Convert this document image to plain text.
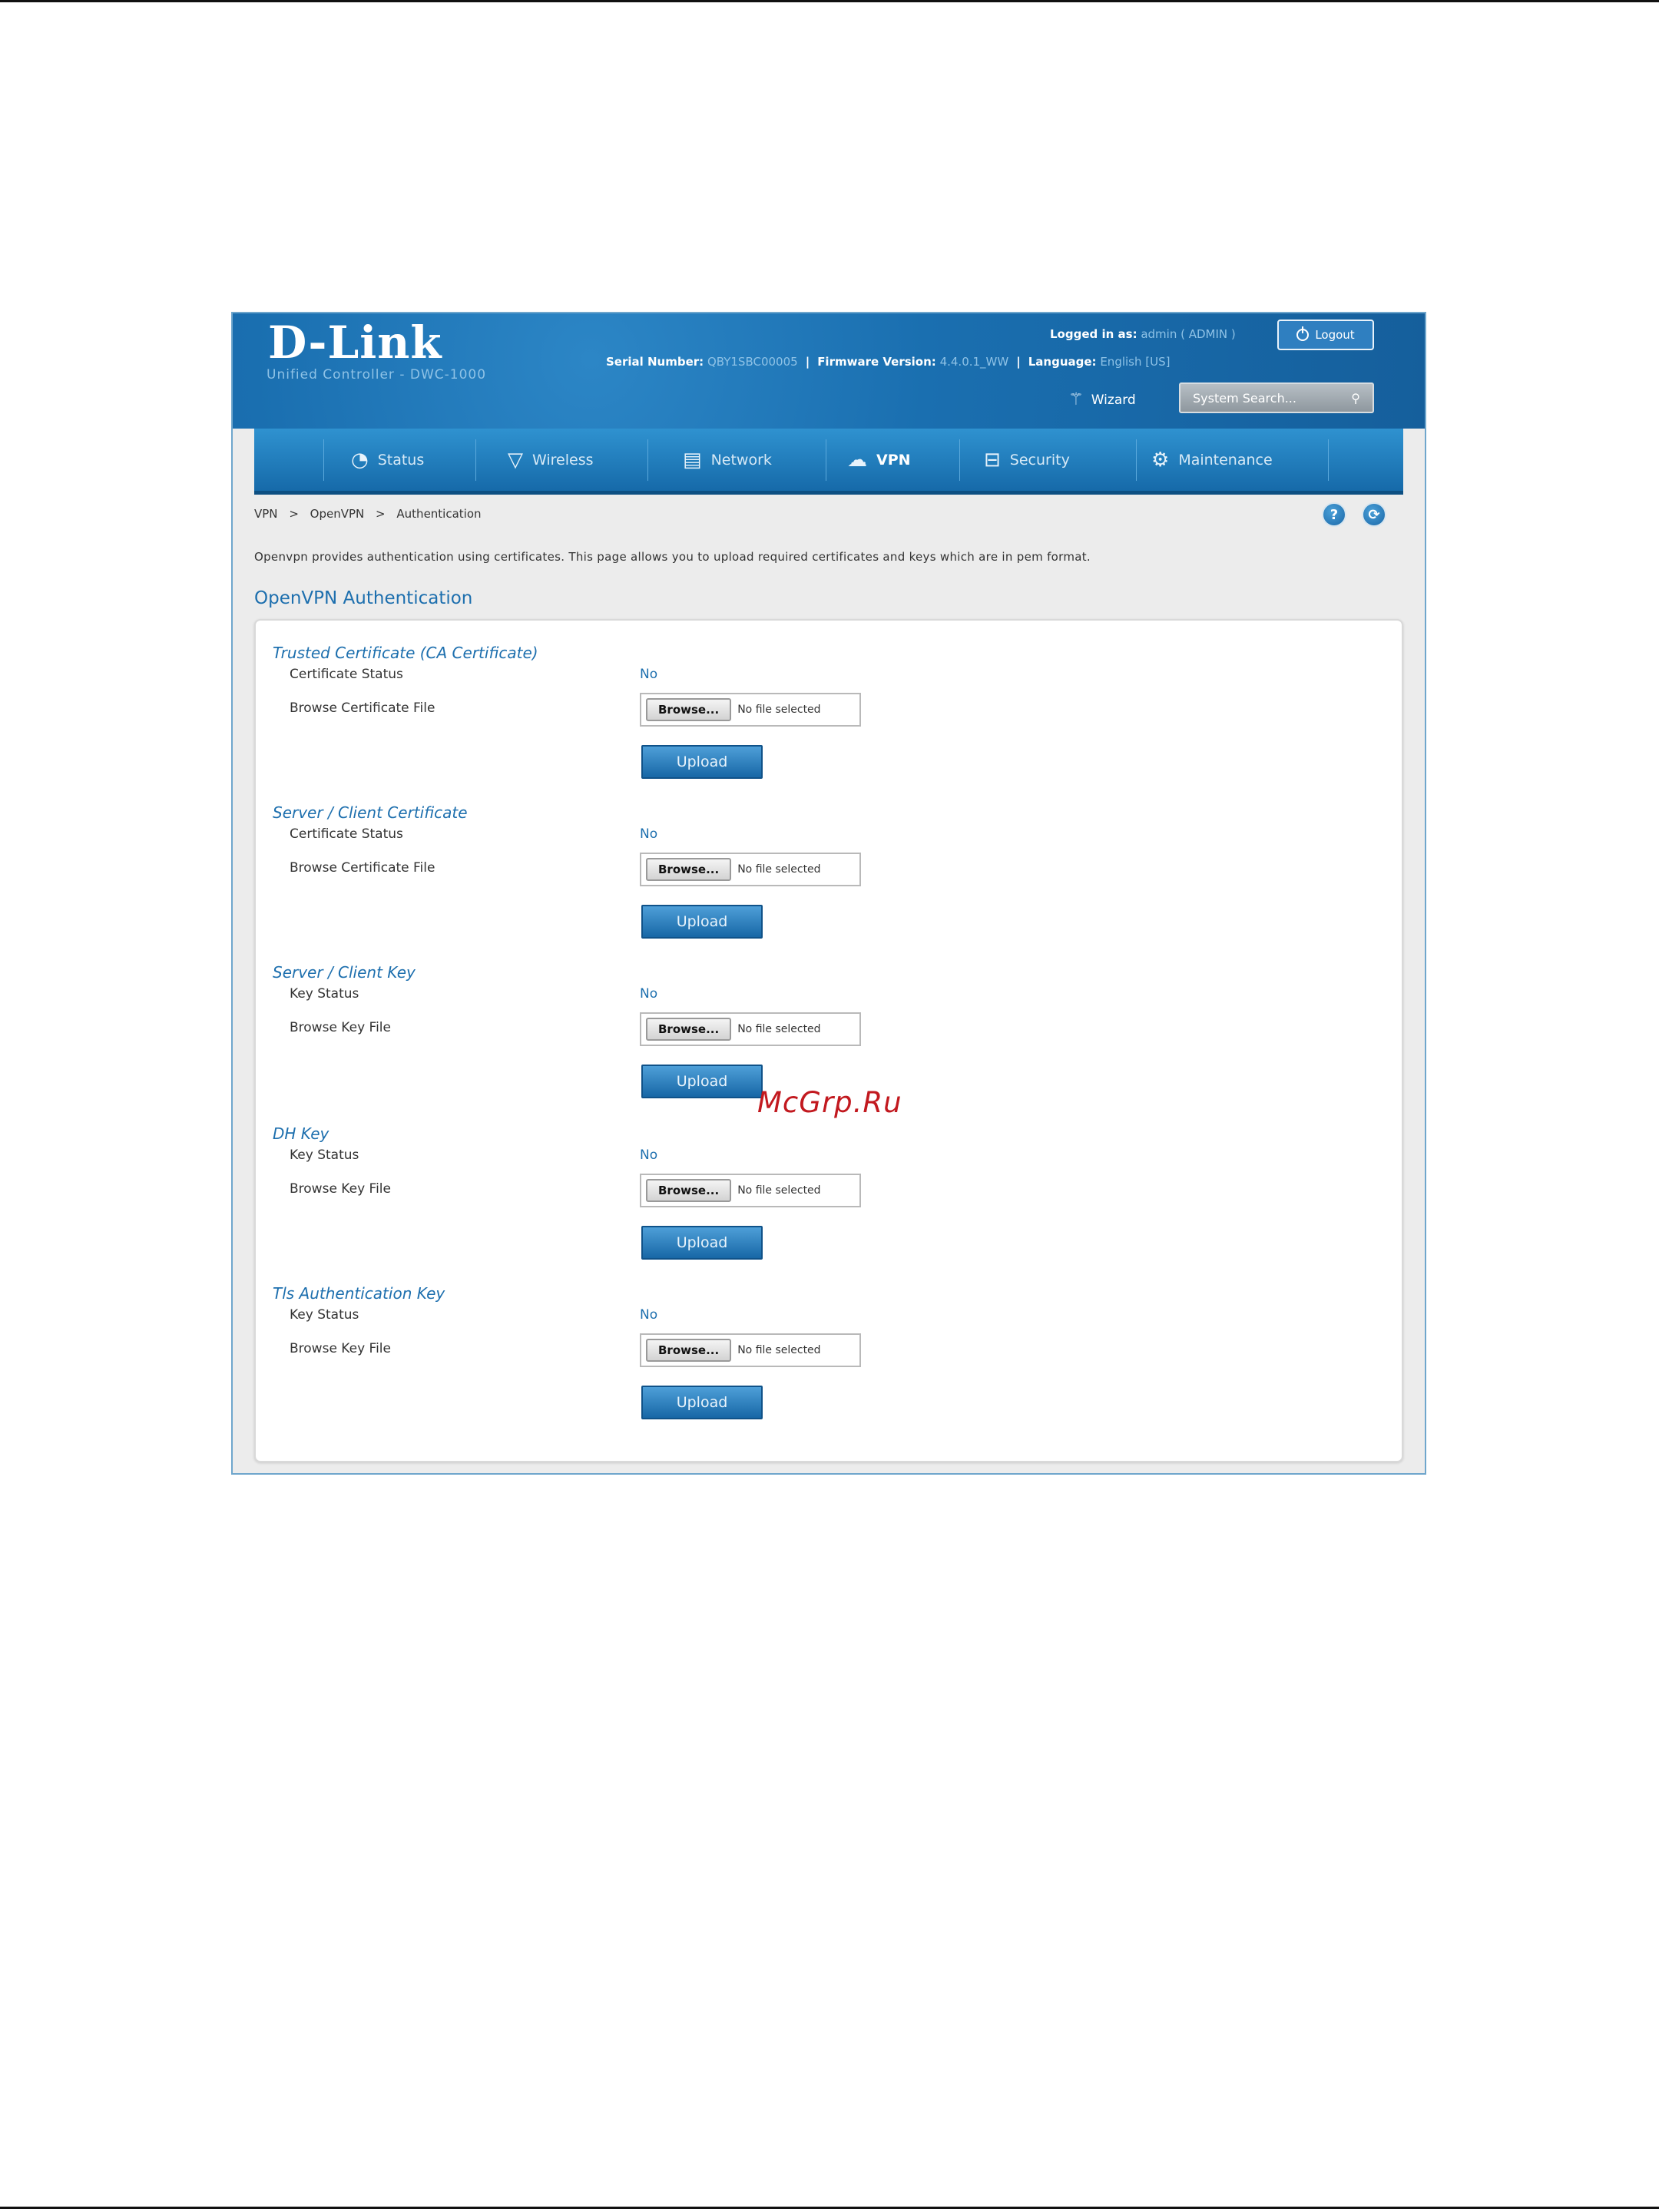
D-Link
Unified Controller - DWC-1000
Logged in as: admin ( ADMIN )	Logout
Serial Number: QBY1SBC00005  |  Firmware Version: 4.4.0.1_WW  |  Language: English [US]
⚚ Wizard	System Search...	⚲
◔ Status	▽ Wireless	▤ Network	☁ VPN	⊟ Security	⚙ Maintenance
VPN > OpenVPN > Authentication	? ⟳
Openvpn provides authentication using certificates. This page allows you to upload required certificates and keys which are in pem format.
OpenVPN Authentication
Trusted Certificate (CA Certificate)
Certificate Status	No
Browse Certificate File	Browse...	No file selected
Upload
Server / Client Certificate
Certificate Status	No
Browse Certificate File	Browse...	No file selected
Upload
Server / Client Key
Key Status	No
Browse Key File	Browse...	No file selected
Upload
DH Key
Key Status	No
Browse Key File	Browse...	No file selected
Upload
Tls Authentication Key
Key Status	No
Browse Key File	Browse...	No file selected
Upload
McGrp.Ru
